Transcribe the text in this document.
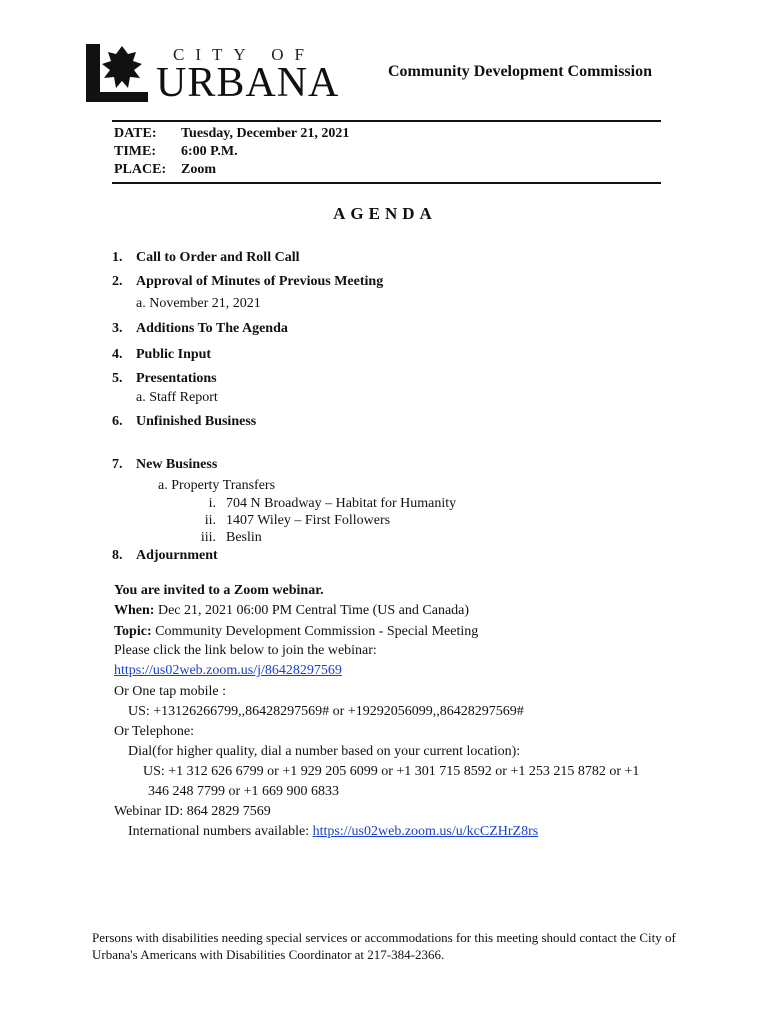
CITY OF
URBANA	Community Development Commission
DATE: Tuesday, December 21, 2021
TIME: 6:00 P.M.
PLACE: Zoom
AGENDA
1. Call to Order and Roll Call
2. Approval of Minutes of Previous Meeting
a. November 21, 2021
3. Additions To The Agenda
4. Public Input
5. Presentations
a. Staff Report
6. Unfinished Business
7. New Business
a. Property Transfers
i. 704 N Broadway – Habitat for Humanity
ii. 1407 Wiley – First Followers
iii. Beslin
8. Adjournment
You are invited to a Zoom webinar.
When: Dec 21, 2021 06:00 PM Central Time (US and Canada)
Topic: Community Development Commission - Special Meeting
Please click the link below to join the webinar:
https://us02web.zoom.us/j/86428297569
Or One tap mobile :
US: +13126266799,,86428297569# or +19292056099,,86428297569#
Or Telephone:
Dial(for higher quality, dial a number based on your current location):
US: +1 312 626 6799 or +1 929 205 6099 or +1 301 715 8592 or +1 253 215 8782 or +1
346 248 7799 or +1 669 900 6833
Webinar ID: 864 2829 7569
International numbers available: https://us02web.zoom.us/u/kcCZHrZ8rs
Persons with disabilities needing special services or accommodations for this meeting should contact the City of Urbana's Americans with Disabilities Coordinator at 217-384-2366.
